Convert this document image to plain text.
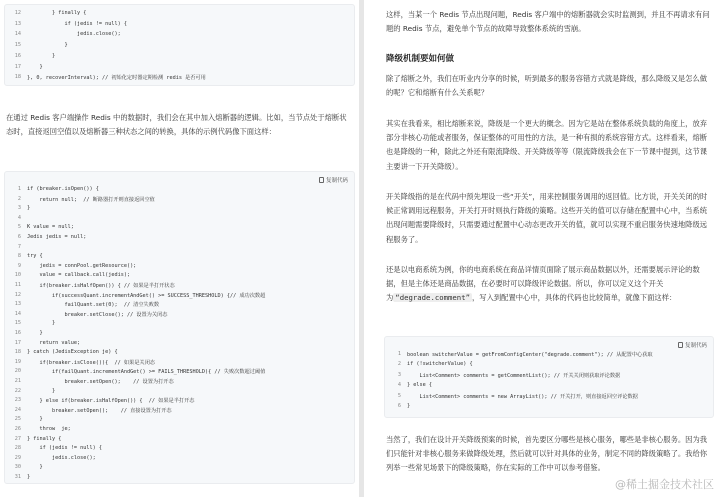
12 } finally {
13 if (jedis != null) {
14 jedis.close();
15 }
16 }
17 }
18 }, 0, recoverInterval); // 初始化定时器定期检测 redis 是否可用
在通过 Redis 客户端操作 Redis 中的数据时，我们会在其中加入熔断器的逻辑。比如，当节点处于熔断状态时，直接返回空值以及熔断器三种状态之间的转换，具体的示例代码像下面这样：
复制代码
1 if (breaker.isOpen()) {
2 return null;  // 断路器打开则直接返回空值
3 }
4
5 K value = null;
6 Jedis jedis = null;
7
8 try {
9 jedis = connPool.getResource();
10 value = callback.call(jedis);
11 if(breaker.isHalfOpen()) { // 如果是半打开状态
12 if(successQuant.incrementAndGet() >= SUCCESS_THRESHOLD) {// 成功次数超
13 failQuant.set(0);  // 清空失败数
14 breaker.setClose(); // 设置为关闭态
15 }
16 }
17 return value;
18 } catch (JedisException je) {
19 if(breaker.isClose()){  // 如果是关闭态
20 if(failQuant.incrementAndGet() >= FAILS_THRESHOLD){ // 失败次数超过阈值
21 breaker.setOpen();    // 设置为打开态
22 }
23 } else if(breaker.isHalfOpen()) {  // 如果是半打开态
24 breaker.setOpen();    // 直接设置为打开态
25 }
26 throw  je;
27 } finally {
28 if (jedis != null) {
29 jedis.close();
30 }
31 }
这样，当某一个 Redis 节点出现问题，Redis 客户端中的熔断器就会实时监测到，并且不再请求有问题的 Redis 节点，避免单个节点的故障导致整体系统的雪崩。
降级机制要如何做
除了熔断之外，我们在听业内分享的时候，听到最多的服务容错方式就是降级，那么降级又是怎么做的呢？它和熔断有什么关系呢？
其实在我看来，相比熔断来说，降级是一个更大的概念。因为它是站在整体系统负载的角度上，放弃部分非核心功能或者服务，保证整体的可用性的方法，是一种有损的系统容错方式。这样看来，熔断也是降级的一种，除此之外还有限流降级、开关降级等等（限流降级我会在下一节课中提到，这节课主要讲一下开关降级）。
开关降级指的是在代码中预先埋设一些“开关”，用来控制服务调用的返回值。比方说，开关关闭的时候正常调用远程服务，开关打开时则执行降级的策略。这些开关的值可以存储在配置中心中，当系统出现问题需要降级时，只需要通过配置中心动态更改开关的值，就可以实现不重启服务快速地降级远程服务了。
还是以电商系统为例，你的电商系统在商品详情页面除了展示商品数据以外，还需要展示评论的数据，但是主体还是商品数据，在必要时可以降级评论数据。所以，你可以定义这个开关为 “degrade.comment” ，写入到配置中心中，具体的代码也比较简单，就像下面这样：
复制代码
1 boolean switcherValue = getFromConfigCenter("degrade.comment"); // 从配置中心获取
2 if (!switcherValue) {
3 List<Comment> comments = getCommentList(); // 开关关闭则获取评论数据
4 } else {
5 List<Comment> comments = new ArrayList(); // 开关打开，则直接返回空评论数据
6 }
当然了，我们在设计开关降级预案的时候，首先要区分哪些是核心服务，哪些是非核心服务。因为我们只能针对非核心服务来做降级处理，然后就可以针对具体的业务，制定不同的降级策略了。我给你列举一些常见场景下的降级策略，你在实际的工作中可以参考借鉴。
@稀土掘金技术社区
